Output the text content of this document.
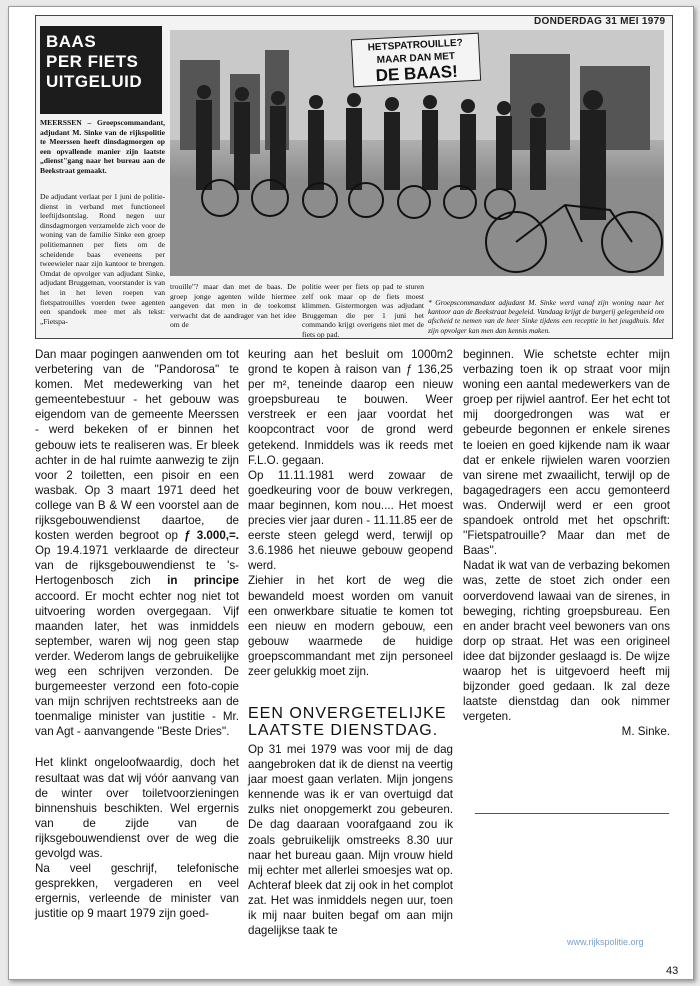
DONDERDAG 31 MEI 1979
BAAS
PER FIETS
UITGELUID
MEERSSEN – Groepscommandant, adjudant M. Sinke van de rijkspolitie te Meerssen heeft dinsdagmorgen op een opvallende manier zijn laatste „dienst"gang naar het bureau aan de Beekstraat gemaakt.
De adjudant verlaat per 1 juni de politie-dienst in verband met functioneel leeftijdsontslag. Rond negen uur dinsdagmorgen verzamelde zich voor de woning van de familie Sinke een groep politiemannen per fiets om de scheidende baas eveneens per tweewieler naar zijn kantoor te brengen. Omdat de opvolger van adjudant Sinke, adjudant Bruggeman, voorstander is van het in het leven roepen van fietspatrouilles voerden twee agenten een spandoek mee met als tekst: „Fietspa-
HETSPATROUILLE? MAAR DAN MET
DE BAAS!
trouille"? maar dan met de baas. De groep jonge agenten wilde hiermee aangeven dat men in de toekomst verwacht dat de aandrager van het idee om de
politie weer per fiets op pad te sturen zelf ook maar op de fiets moest klimmen. Gistermorgen was adjudant Bruggeman die per 1 juni het commando krijgt overigens niet met de fiets op pad.
* Groepscommandant adjudant M. Sinke werd vanaf zijn woning naar het kantoor aan de Beekstraat begeleid. Vandaag krijgt de burgerij gelegenheid om afscheid te nemen van de heer Sinke tijdens een receptie in het jeugdhuis. Met zijn opvolger kan men dan kennis maken.

Dan maar pogingen aanwenden om tot verbetering van de ''Pandorosa'' te komen. Met medewerking van het gemeentebestuur - het gebouw was eigendom van de gemeente Meerssen - werd bekeken of er binnen het gebouw iets te realiseren was. Er bleek achter in de hal ruimte aanwezig te zijn voor 2 toiletten, een pisoir en een wasbak. Op 3 maart 1971 deed het college van B & W een voorstel aan de rijksgebouwendienst daartoe, de kosten werden begroot op ƒ 3.000,=. Op 19.4.1971 verklaarde de directeur van de rijksgebouwendienst te 's-Hertogenbosch zich in principe accoord. Er mocht echter nog niet tot uitvoering worden overgegaan. Vijf maanden later, het was inmiddels september, waren wij nog geen stap verder. Wederom langs de gebruikelijke weg een schrijven verzonden. De burgemeester verzond een foto-copie van mijn schrijven rechtstreeks aan de toenmalige minister van justitie - Mr. van Agt - aanvangende ''Beste Dries''.

Het klinkt ongeloofwaardig, doch het resultaat was dat wij vóór aanvang van de winter over toiletvoorzieningen binnenshuis beschikten. Wel ergernis van de zijde van de rijksgebouwendienst over de weg die gevolgd was.

Na veel geschrijf, telefonische gesprekken, vergaderen en veel ergernis, verleende de minister van justitie op 9 maart 1979 zijn goed-

keuring aan het besluit om 1000m2 grond te kopen à raison van ƒ 136,25 per m², teneinde daarop een nieuw groepsbureau te bouwen. Weer verstreek er een jaar voordat het koopcontract voor de grond werd getekend. Inmiddels was ik reeds met F.L.O. gegaan.

Op 11.11.1981 werd zowaar de goedkeuring voor de bouw verkregen, maar beginnen, kom nou.... Het moest precies vier jaar duren - 11.11.85 eer de eerste steen gelegd werd, terwijl op 3.6.1986 het nieuwe gebouw geopend werd.

Ziehier in het kort de weg die bewandeld moest worden om vanuit een onwerkbare situatie te komen tot een nieuw en modern gebouw, een gebouw waarmede de huidige groepscommandant met zijn personeel zeer gelukkig moet zijn.

EEN ONVERGETELIJKE LAATSTE DIENSTDAG.

Op 31 mei 1979 was voor mij de dag aangebroken dat ik de dienst na veertig jaar moest gaan verlaten. Mijn jongens kennende was ik er van overtuigd dat zulks niet onopgemerkt zou gebeuren. De dag daaraan voorafgaand zou ik zoals gebruikelijk omstreeks 8.30 uur naar het bureau gaan. Mijn vrouw hield mij echter met allerlei smoesjes wat op. Achteraf bleek dat zij ook in het complot zat. Het was inmiddels negen uur, toen ik mij naar buiten begaf om aan mijn dagelijkse taak te

beginnen. Wie schetste echter mijn verbazing toen ik op straat voor mijn woning een aantal medewerkers van de groep per rijwiel aantrof. Eer het echt tot mij doorgedrongen was wat er gebeurde begonnen er enkele sirenes te loeien en goed kijkende nam ik waar dat er enkele rijwielen waren voorzien van sirene met zwaailicht, terwijl op de bagagedragers een accu gemonteerd was. Onderwijl werd er een groot spandoek ontrold met het opschrift: ''Fietspatrouille? Maar dan met de Baas''.

Nadat ik wat van de verbazing bekomen was, zette de stoet zich onder een oorverdovend lawaai van de sirenes, in beweging, richting groepsbureau. Een en ander bracht veel bewoners van ons dorp op straat. Het was een origineel idee dat bijzonder geslaagd is. De wijze waarop het is uitgevoerd heeft mij bijzonder goed gedaan. Ik zal deze laatste dienstdag dan ook nimmer vergeten.

M. Sinke.

www.rijkspolitie.org
43
